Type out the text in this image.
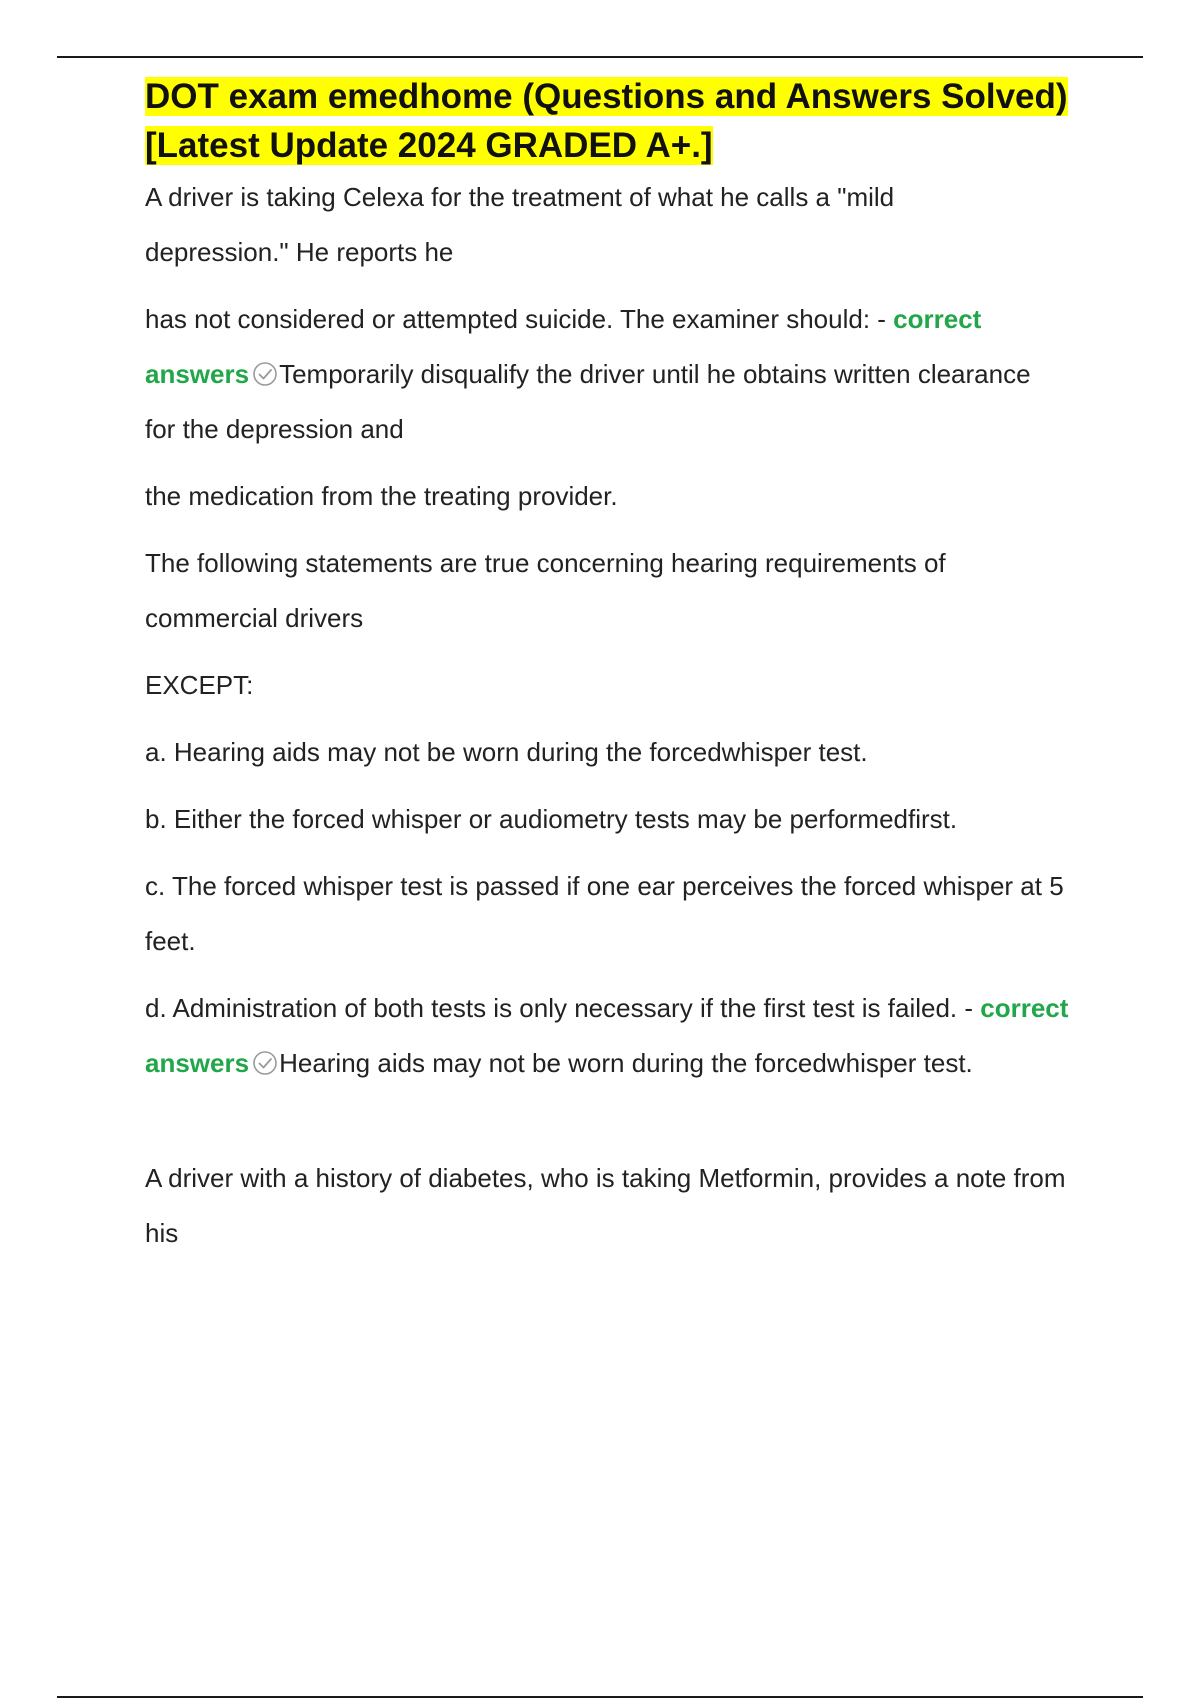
DOT exam emedhome (Questions and Answers Solved)
[Latest Update 2024 GRADED A+.]

A driver is taking Celexa for the treatment of what he calls a "mild depression." He reports he

has not considered or attempted suicide. The examiner should: - correct answers Temporarily disqualify the driver until he obtains written clearance for the depression and

the medication from the treating provider.

The following statements are true concerning hearing requirements of commercial drivers

EXCEPT:

a. Hearing aids may not be worn during the forcedwhisper test.

b. Either the forced whisper or audiometry tests may be performedfirst.

c. The forced whisper test is passed if one ear perceives the forced whisper at 5 feet.

d. Administration of both tests is only necessary if the first test is failed. - correct answers Hearing aids may not be worn during the forcedwhisper test.

A driver with a history of diabetes, who is taking Metformin, provides a note from his
